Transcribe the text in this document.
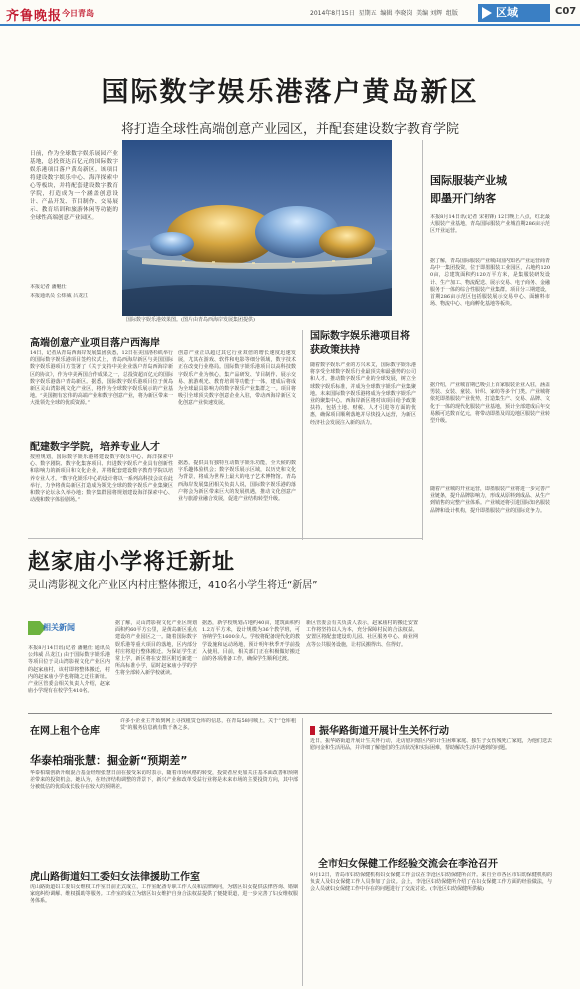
齐鲁晚报 今日青岛	2014年8月15日 星期五 编辑 李晓岗 美编 刘辉 组版	区域	C07
国际数字娱乐港落户黄岛新区
将打造全球性高端创意产业园区，并配套建设数字教育学院
日前，作为全球数字娱乐展园产业基地，总投资达百亿元的国际数字娱乐港项目落户黄岛新区。该项目将建设数字娱乐中心、海洋探索中心等板块，并将配套建设数字教育学院，打造成为一个涵盖创意设计、产品开发、节目制作、交易展示、教育培训和旅游休闲等功能的全球性高端创意产业园区。
本报记者 潘魁仕
本报通讯员 公炜威 吕龙江
国际数字娱乐港效果图。(图片由青岛西海岸发展集团提供)
高端创意产业项目落户西海岸
14日，记者从青岛西海岸发展集团获悉，12日在美国洛杉矶举行的国际数字娱乐港项目签约仪式上，青岛西海岸新区与美国国际数字娱乐港项目方签署了《关于支持中美企业落户青岛西海岸新区的协议》，作为中美两国合作成果之一，总投资超百亿元的国际数字娱乐港落户青岛新区。据悉，国际数字娱乐港项目位于黄岛新区灵山湾影视文化产业区，将作为全球数字娱乐展示的产业基地。“美国拥有宏伟的高端产业和数字创意产业，将为新区带来一大批领先全球的优质资源。”
创意产业正以超过其它行业双倍的增长速度迅速发展，尤其在游戏、软件和电影等细分领域，数字技术正在改变行业格局。国际数字娱乐港项目以高科技数字娱乐产业为核心，集产品研发、节目制作、展示交易、旅游观光、教育培训等功能于一体，建成后将成为全球最具影响力的数字娱乐产业集群之一。项目将吸引全球顶尖数字创意企业入驻，带动西海岸新区文化创意产业快速发展。
配建数字学院，培养专业人才
按照规划，国际数字娱乐港将建设数字娱乐中心、海洋探索中心、数字剧院、数字化集客项目、归进数字娱乐产业具有创新性和影响力的新项目和文化企业，并将配套建设数字教育学院以培养专业人才。“数字化娱乐中心的设计将以一系列高科技会议在此举行，力争将黄岛新区打造成为领先全球的数字娱乐产业集聚区和数字论坛永久举办地；数字集群园将规划建设海洋探索中心、动漫和数字体验剧场。”
据悉，提供具有独特互动数字娱乐功能，全天候的数字乐趣体验机会；数字娱乐展示区域，以历史和文化为背景，将成为世界上最大的电子艺术博物馆。青岛西海岸发展集团相关负责人说，国际数字娱乐港的落户将会为新区带来巨大的发展机遇，推动文化创意产业与旅游业融合发展，促进产业结构转型升级。
国际数字娱乐港项目将获政策扶持
随着数字娱乐产业的方兴未艾，国际数字娱乐港将享受全球数字娱乐行业最顶尖和最强势的公司和人才。推动数字娱乐产业的全球发展，树立全球数字娱乐标准，并成为全球数字娱乐产业集聚地。未来国际数字娱乐港将成为全球数字娱乐产业的聚集中心。西海岸新区将对该项目给予政策扶持，包括土地、财税、人才引进等方面的优惠，确保项目顺利落地并尽快投入运营，为新区经济社会发展注入新的活力。
国际服装产业城
即墨开门纳客
本报8月14日讯(记者 宋祖锋) 12日晚上八点，红北最大服装产业基地，青岛国际服装产业城首期286亩示范区开业运营。
据了解，青岛国际服装产业城由国内知名产业运营商青岛中一集团投资，位于即墨服装工业园区，占地约1200亩，总建筑面积约120万平方米，是集服装研发设计、生产加工、物流配送、展示交易、电子商务、金融服务于一体的综合性服装产业集群。项目分三期建设，首期286亩示范区包括服装展示交易中心、面辅料市场、物流中心、电商孵化基地等板块。
据介绍，产业城首期已吸引上百家服装企业入驻，涵盖男装、女装、童装、针织、家纺等多个门类。产业城将依托即墨服装产业优势，打造集生产、交易、品牌、文化于一体的现代化服装产业基地，预计全部建成后年交易额可达数百亿元，将带动即墨及周边地区服装产业转型升级。
随着产业城的开业运营，即墨服装产业将进一步完善产业链条，提升品牌影响力，形成从原料到成品、从生产到销售的完整产业体系。产业城还将引进国际知名服装品牌和设计机构，提升即墨服装产业的国际竞争力。
赵家庙小学将迁新址
灵山湾影视文化产业区内村庄整体搬迁，410名小学生将迁“新居”
相关新闻
本报8月14日讯(记者 潘魁仕 通讯员 公炜威 吕龙江) 由于国际数字娱乐港等项目位于灵山湾影视文化产业区内的赵家庙村，该村即将整体搬迁，村内的赵家庙小学也将随之迁往新址。产业区管委会相关负责人介绍，赵家庙小学现有在校学生410名。
据了解，灵山湾影视文化产业区规划面积约60平方公里，是黄岛新区重点建设的产业园区之一。随着国际数字娱乐港等重大项目的落地，区内部分村庄将进行整体搬迁。为保证学生正常上学，新区将在安置区附近新建一所高标准小学，届时赵家庙小学的学生将全部转入新学校就读。
据悉，新学校规划占地约40亩，建筑面积约1.2万平方米，设计规模为36个教学班，可容纳学生1600余人。学校将配备现代化的教学设施和运动场地，预计明年秋季开学前投入使用。目前，相关部门正在积极做好搬迁前的各项准备工作，确保学生顺利过渡。
新区管委会有关负责人表示，赵家庙村的搬迁安置工作将坚持以人为本，充分保障村民的合法权益，安置区将配套建设幼儿园、社区服务中心、商业网点等公共服务设施，让村民搬得出、住得好。
在网上租个仓库
许多小企业主开始到网上寻找租赁仓库的信息，在青岛58同城上，关于“仓库租赁”的服务信息就有数千条之多。
华泰柏瑞张慧：掘金新“预期差”
华泰柏瑞创新升级混合基金经理张慧日前在接受采访时表示，随着市场风格的转变，投资者应更加关注基本面改善和预期差带来的投资机会。她认为，在经济结构调整的背景下，新兴产业和改革受益行业将是未来市场的主要投资方向，其中部分被低估的优质成长股存在较大的预期差。
虎山路街道妇工委妇女法律援助工作室
虎山路街道妇工委妇女维权工作室日前正式成立，工作室配备专职工作人员和法律顾问，为辖区妇女提供法律咨询、婚姻家庭纠纷调解、维权援助等服务。工作室的成立为辖区妇女维护自身合法权益提供了便捷渠道，进一步完善了妇女维权服务体系。
振华路街道开展计生关怀行动
近日，振华路街道开展计生关怀行动，走访慰问辖区内的计生困难家庭、独生子女伤残死亡家庭，为他们送去慰问金和生活用品，并详细了解他们的生活状况和实际困难，帮助解决生活中遇到的问题。
全市妇女保健工作经验交流会在李沧召开
9月12日，青岛市妇幼保健机构妇女保健工作会议在李沧区妇幼保健所召开。来自全市各区市妇幼保健机构的负责人及妇女保健工作人员参加了会议。会上，李沧区妇幼保健所介绍了在妇女保健工作方面的经验做法，与会人员就妇女保健工作中存在的问题进行了交流讨论。(李沧区妇幼保健所供稿)
